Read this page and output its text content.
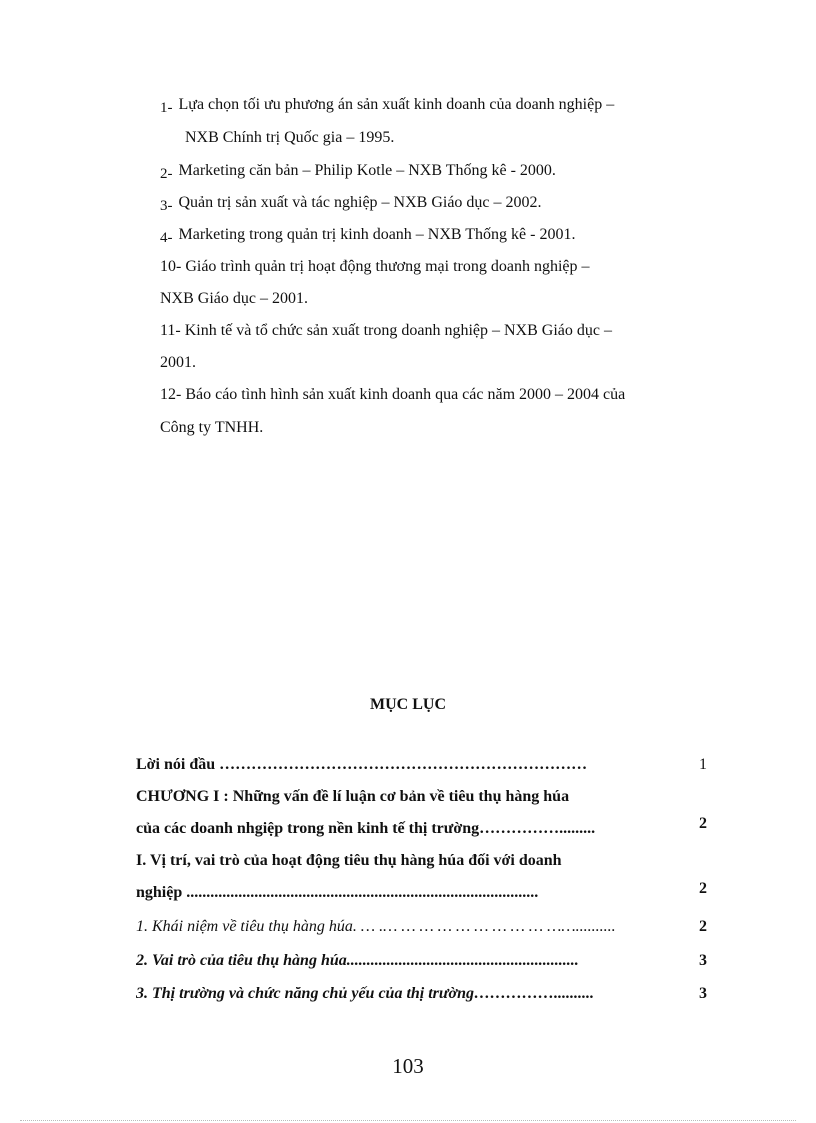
1- Lựa chọn tối ưu phương án sản xuất kinh doanh của doanh nghiệp –
NXB Chính trị Quốc gia – 1995.
2- Marketing căn bản – Philip Kotle – NXB Thống kê - 2000.
3- Quản trị sản xuất và tác nghiệp – NXB Giáo dục – 2002.
4- Marketing trong quản trị kinh doanh – NXB Thống kê - 2001.
10- Giáo trình quản trị hoạt động thương mại trong doanh nghiệp –
NXB Giáo dục – 2001.
11- Kinh tế và tổ chức sản xuất trong doanh nghiệp – NXB Giáo dục –
2001.
12- Báo cáo tình hình sản xuất kinh doanh qua các năm 2000 – 2004 của
Công ty TNHH.
MỤC LỤC
Lời nói đầu ……………………………………………………………	1
CHƯƠNG I : Những vấn đề lí luận cơ bản về tiêu thụ hàng húa
của các doanh nhgiệp trong nền kinh tế thị trường…………….........	2
I. Vị trí, vai trò của hoạt động tiêu thụ hàng húa đối với doanh
nghiệp ........................................................................................	2
1. Khái niệm về tiêu thụ hàng húa. … .… … … … … … … … … ……..........	2
2. Vai trò của tiêu thụ hàng húa..........................................................	3
3. Thị trường và chức năng chủ yếu của thị trường……………..........	3
103
